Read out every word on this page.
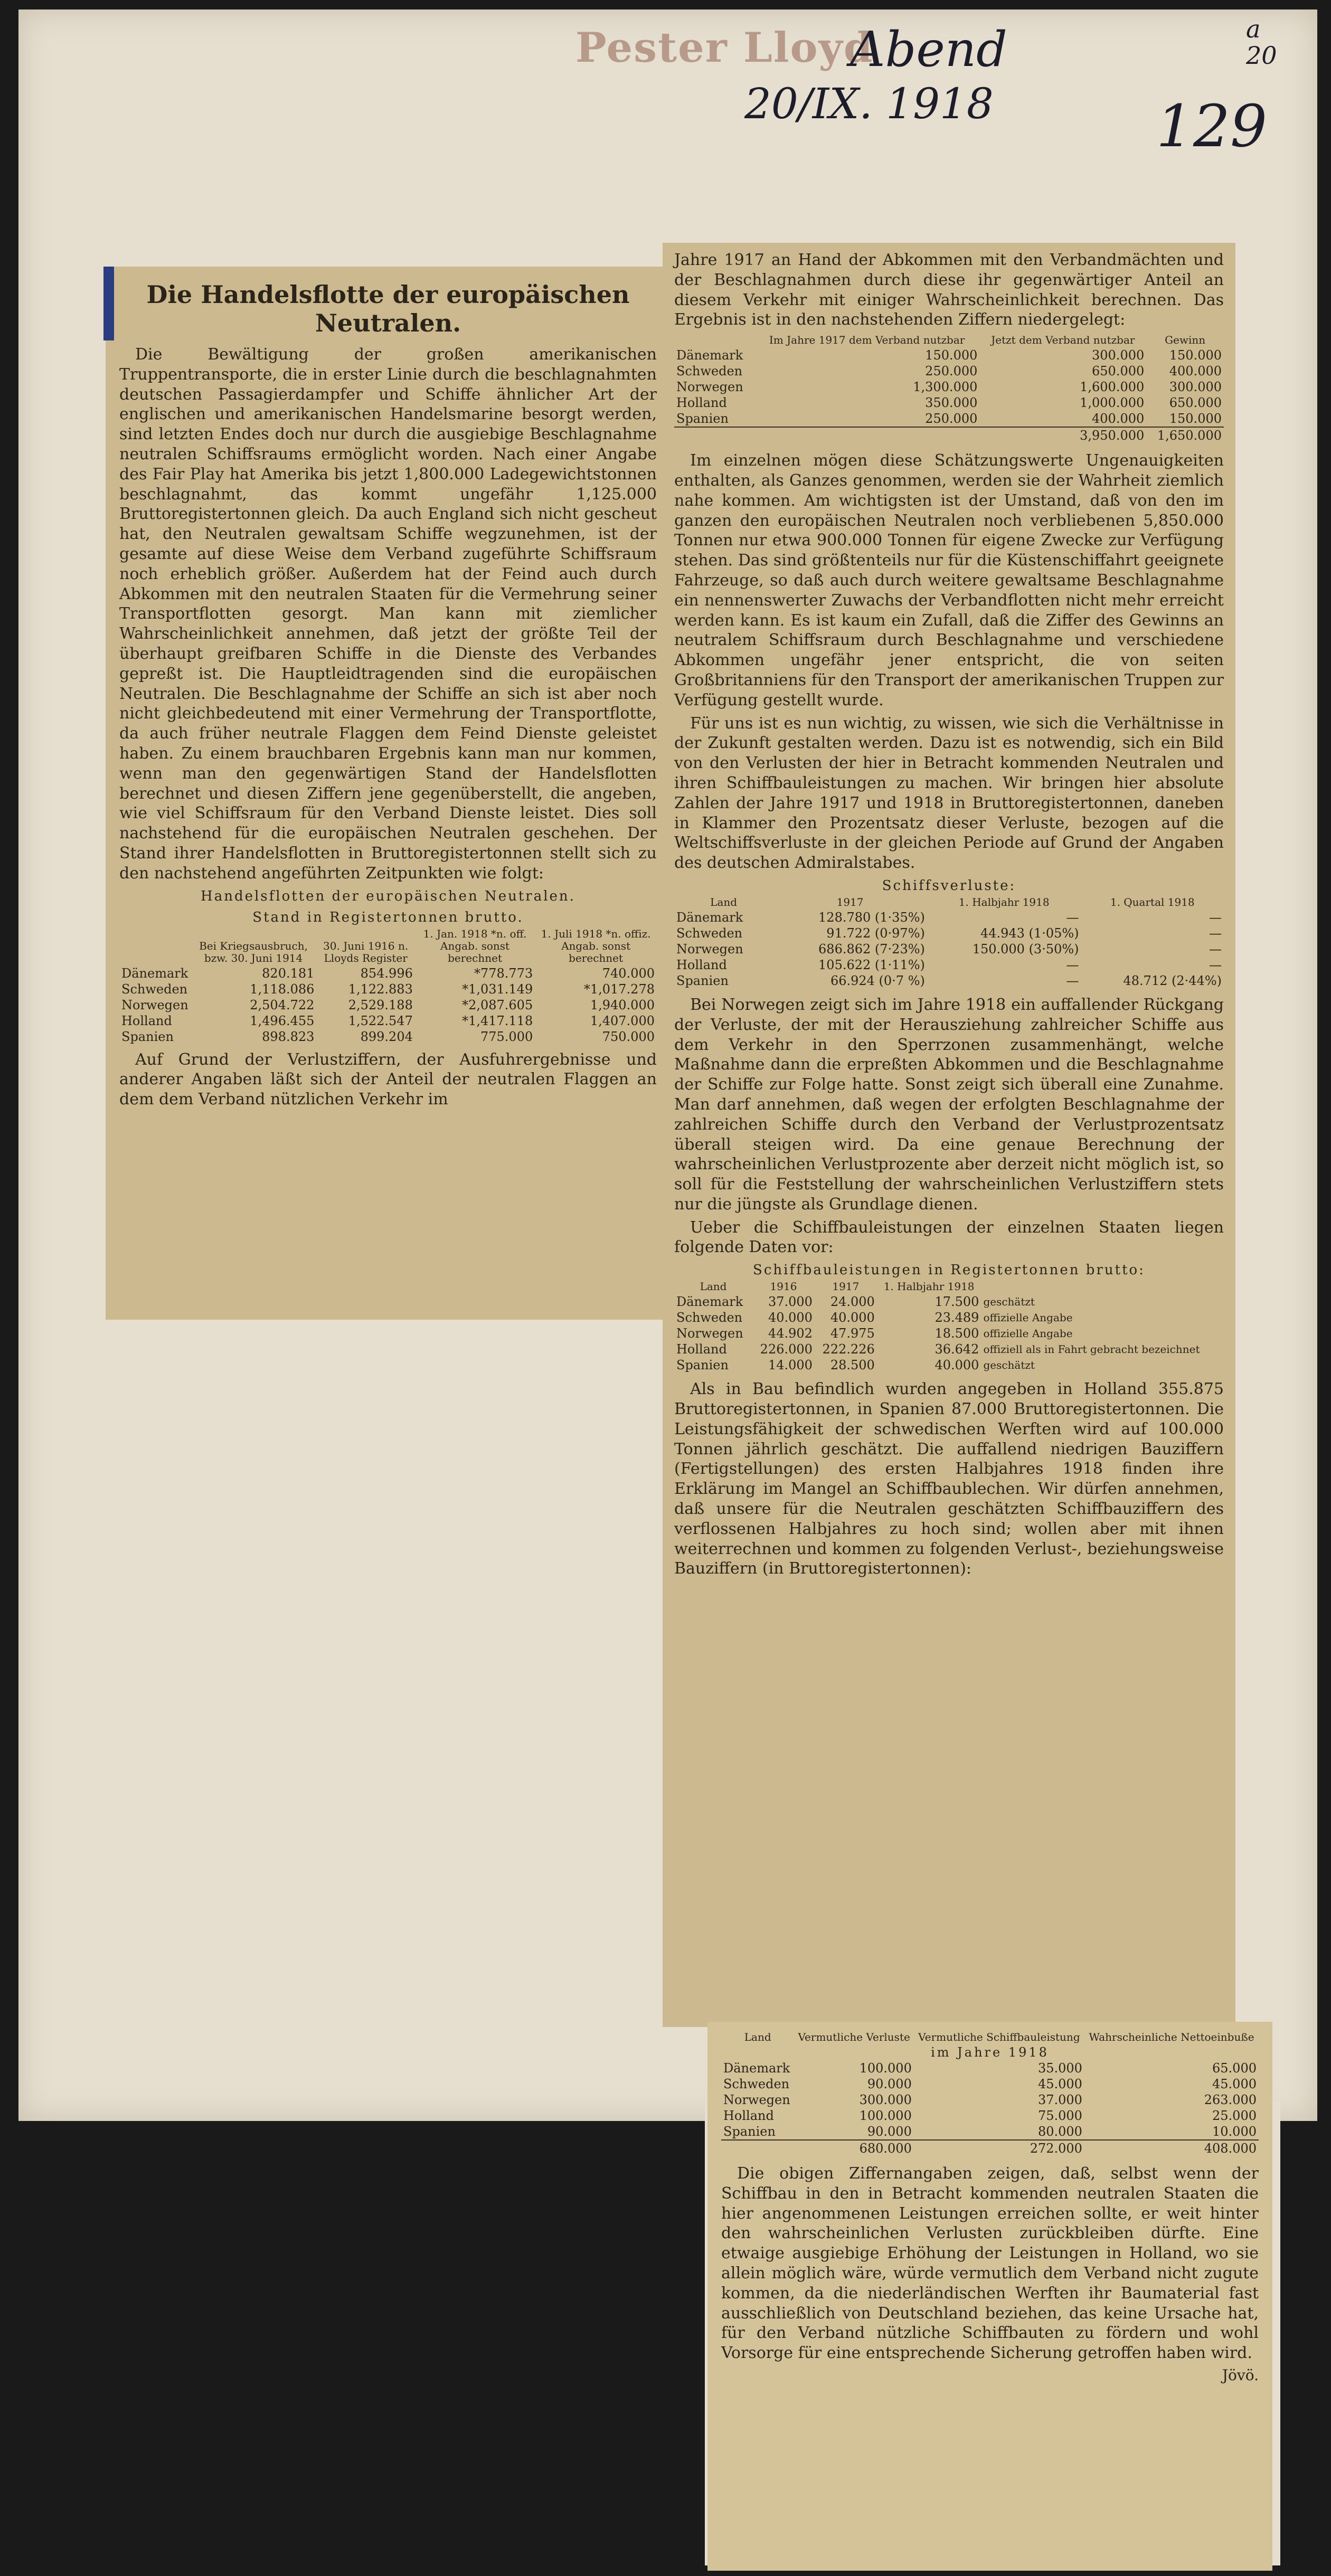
Pester Lloyd
Abend
20/IX. 1918	129
a
20
Die Handelsflotte der europäischen Neutralen.

Die Bewältigung der großen amerikanischen Truppentransporte, die in erster Linie durch die beschlagnahmten deutschen Passagierdampfer und Schiffe ähnlicher Art der englischen und amerikanischen Handelsmarine besorgt werden, sind letzten Endes doch nur durch die ausgiebige Beschlagnahme neutralen Schiffsraums ermöglicht worden. Nach einer Angabe des Fair Play hat Amerika bis jetzt 1,800.000 Ladegewichtstonnen beschlagnahmt, das kommt ungefähr 1,125.000 Bruttoregistertonnen gleich. Da auch England sich nicht gescheut hat, den Neutralen gewaltsam Schiffe wegzunehmen, ist der gesamte auf diese Weise dem Verband zugeführte Schiffsraum noch erheblich größer. Außerdem hat der Feind auch durch Abkommen mit den neutralen Staaten für die Vermehrung seiner Transportflotten gesorgt. Man kann mit ziemlicher Wahrscheinlichkeit annehmen, daß jetzt der größte Teil der überhaupt greifbaren Schiffe in die Dienste des Verbandes gepreßt ist. Die Hauptleidtragenden sind die europäischen Neutralen. Die Beschlagnahme der Schiffe an sich ist aber noch nicht gleichbedeutend mit einer Vermehrung der Transportflotte, da auch früher neutrale Flaggen dem Feind Dienste geleistet haben. Zu einem brauchbaren Ergebnis kann man nur kommen, wenn man den gegenwärtigen Stand der Handelsflotten berechnet und diesen Ziffern jene gegenüberstellt, die angeben, wie viel Schiffsraum für den Verband Dienste leistet. Dies soll nachstehend für die europäischen Neutralen geschehen. Der Stand ihrer Handelsflotten in Bruttoregistertonnen stellt sich zu den nachstehend angeführten Zeitpunkten wie folgt:

Handelsflotten der europäischen Neutralen.
Stand in Registertonnen brutto.
	Bei Kriegsausbruch, bzw. 30. Juni 1914	30. Juni 1916 n. Lloyds Register	1. Jan. 1918 *n. off. Angab. sonst berechnet	1. Juli 1918 *n. offiz. Angab. sonst berechnet
Dänemark	820.181	854.996	*778.773	740.000
Schweden	1,118.086	1,122.883	*1,031.149	*1,017.278
Norwegen	2,504.722	2,529.188	*2,087.605	1,940.000
Holland	1,496.455	1,522.547	*1,417.118	1,407.000
Spanien	898.823	899.204	775.000	750.000

Auf Grund der Verlustziffern, der Ausfuhrergebnisse und anderer Angaben läßt sich der Anteil der neutralen Flaggen an dem dem Verband nützlichen Verkehr im

Jahre 1917 an Hand der Abkommen mit den Verbandmächten und der Beschlagnahmen durch diese ihr gegenwärtiger Anteil an diesem Verkehr mit einiger Wahrscheinlichkeit berechnen. Das Ergebnis ist in den nachstehenden Ziffern niedergelegt:

	Im Jahre 1917 dem Verband nutzbar	Jetzt dem Verband nutzbar	Gewinn
Dänemark	150.000	300.000	150.000
Schweden	250.000	650.000	400.000
Norwegen	1,300.000	1,600.000	300.000
Holland	350.000	1,000.000	650.000
Spanien	250.000	400.000	150.000
		3,950.000	1,650.000

Im einzelnen mögen diese Schätzungswerte Ungenauigkeiten enthalten, als Ganzes genommen, werden sie der Wahrheit ziemlich nahe kommen. Am wichtigsten ist der Umstand, daß von den im ganzen den europäischen Neutralen noch verbliebenen 5,850.000 Tonnen nur etwa 900.000 Tonnen für eigene Zwecke zur Verfügung stehen. Das sind größtenteils nur für die Küstenschiffahrt geeignete Fahrzeuge, so daß auch durch weitere gewaltsame Beschlagnahme ein nennenswerter Zuwachs der Verbandflotten nicht mehr erreicht werden kann. Es ist kaum ein Zufall, daß die Ziffer des Gewinns an neutralem Schiffsraum durch Beschlagnahme und verschiedene Abkommen ungefähr jener entspricht, die von seiten Großbritanniens für den Transport der amerikanischen Truppen zur Verfügung gestellt wurde.

Für uns ist es nun wichtig, zu wissen, wie sich die Verhältnisse in der Zukunft gestalten werden. Dazu ist es notwendig, sich ein Bild von den Verlusten der hier in Betracht kommenden Neutralen und ihren Schiffbauleistungen zu machen. Wir bringen hier absolute Zahlen der Jahre 1917 und 1918 in Bruttoregistertonnen, daneben in Klammer den Prozentsatz dieser Verluste, bezogen auf die Weltschiffsverluste in der gleichen Periode auf Grund der Angaben des deutschen Admiralstabes.

Schiffsverluste:
Land	1917	1. Halbjahr 1918	1. Quartal 1918
Dänemark	128.780 (1·35%)	—	—
Schweden	91.722 (0·97%)	44.943 (1·05%)	—
Norwegen	686.862 (7·23%)	150.000 (3·50%)	—
Holland	105.622 (1·11%)	—	—
Spanien	66.924 (0·7 %)	—	48.712 (2·44%)

Bei Norwegen zeigt sich im Jahre 1918 ein auffallender Rückgang der Verluste, der mit der Herausziehung zahlreicher Schiffe aus dem Verkehr in den Sperrzonen zusammenhängt, welche Maßnahme dann die erpreßten Abkommen und die Beschlagnahme der Schiffe zur Folge hatte. Sonst zeigt sich überall eine Zunahme. Man darf annehmen, daß wegen der erfolgten Beschlagnahme der zahlreichen Schiffe durch den Verband der Verlustprozentsatz überall steigen wird. Da eine genaue Berechnung der wahrscheinlichen Verlustprozente aber derzeit nicht möglich ist, so soll für die Feststellung der wahrscheinlichen Verlustziffern stets nur die jüngste als Grundlage dienen.

Ueber die Schiffbauleistungen der einzelnen Staaten liegen folgende Daten vor:

Schiffbauleistungen in Registertonnen brutto:
Land	1916	1917	1. Halbjahr 1918	
Dänemark	37.000	24.000	17.500	geschätzt
Schweden	40.000	40.000	23.489	offizielle Angabe
Norwegen	44.902	47.975	18.500	offizielle Angabe
Holland	226.000	222.226	36.642	offiziell als in Fahrt gebracht bezeichnet
Spanien	14.000	28.500	40.000	geschätzt

Als in Bau befindlich wurden angegeben in Holland 355.875 Bruttoregistertonnen, in Spanien 87.000 Bruttoregistertonnen. Die Leistungsfähigkeit der schwedischen Werften wird auf 100.000 Tonnen jährlich geschätzt. Die auffallend niedrigen Bauziffern (Fertigstellungen) des ersten Halbjahres 1918 finden ihre Erklärung im Mangel an Schiffbaublechen. Wir dürfen annehmen, daß unsere für die Neutralen geschätzten Schiffbauziffern des verflossenen Halbjahres zu hoch sind; wollen aber mit ihnen weiterrechnen und kommen zu folgenden Verlust-, beziehungsweise Bauziffern (in Bruttoregistertonnen):

Land	Vermutliche Verluste	Vermutliche Schiffbauleistung	Wahrscheinliche Nettoeinbuße
im Jahre 1918			
Dänemark	100.000	35.000	65.000
Schweden	90.000	45.000	45.000
Norwegen	300.000	37.000	263.000
Holland	100.000	75.000	25.000
Spanien	90.000	80.000	10.000
	680.000	272.000	408.000

Die obigen Ziffernangaben zeigen, daß, selbst wenn der Schiffbau in den in Betracht kommenden neutralen Staaten die hier angenommenen Leistungen erreichen sollte, er weit hinter den wahrscheinlichen Verlusten zurückbleiben dürfte. Eine etwaige ausgiebige Erhöhung der Leistungen in Holland, wo sie allein möglich wäre, würde vermutlich dem Verband nicht zugute kommen, da die niederländischen Werften ihr Baumaterial fast ausschließlich von Deutschland beziehen, das keine Ursache hat, für den Verband nützliche Schiffbauten zu fördern und wohl Vorsorge für eine entsprechende Sicherung getroffen haben wird.

Jövö.
